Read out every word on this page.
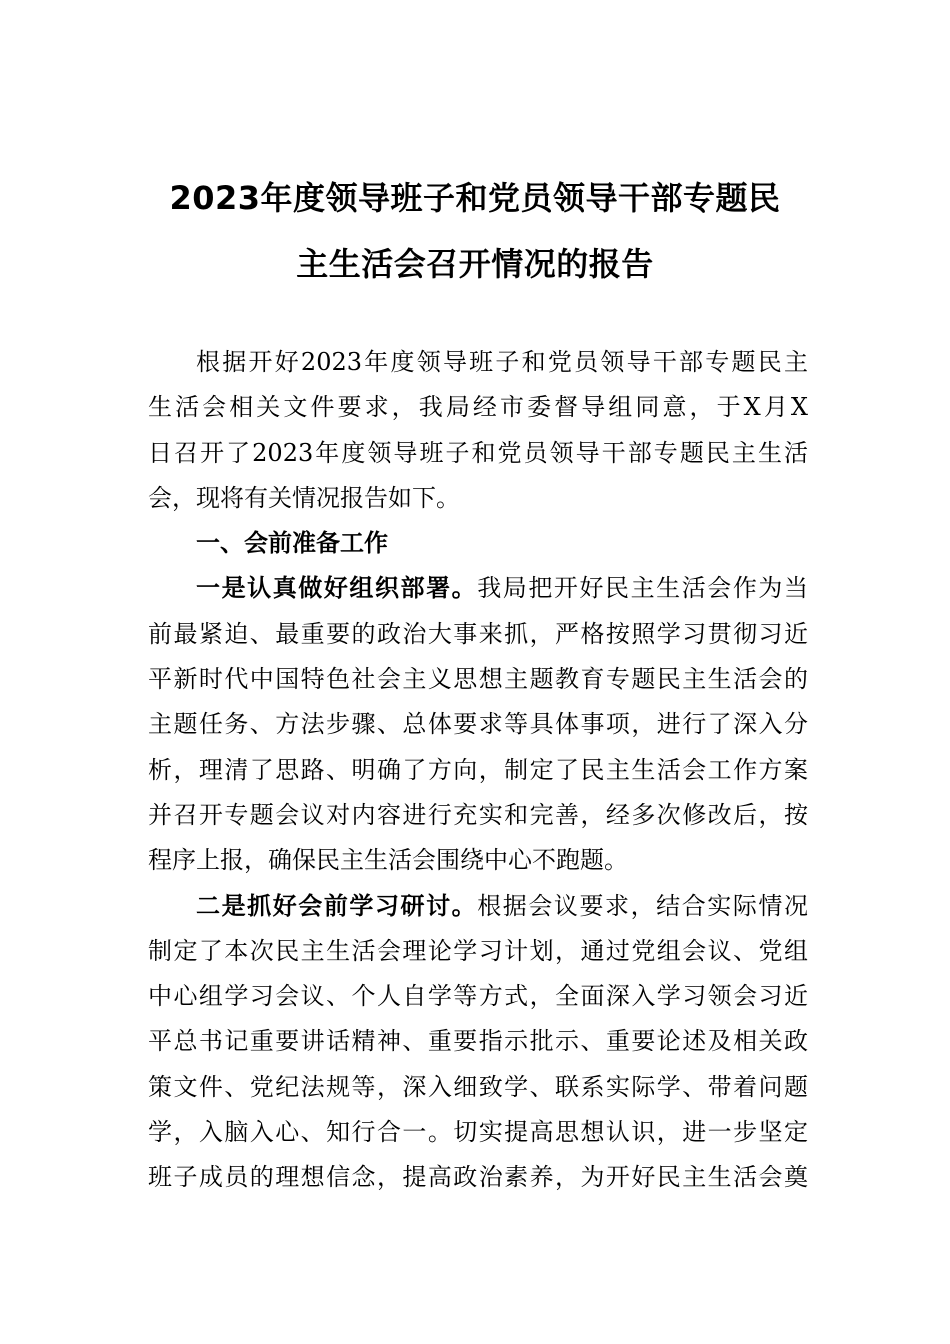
2023年度领导班子和党员领导干部专题民
主生活会召开情况的报告
根据开好2023年度领导班子和党员领导干部专题民主
生活会相关文件要求，我局经市委督导组同意，于X月X
日召开了2023年度领导班子和党员领导干部专题民主生活
会，现将有关情况报告如下。
一、会前准备工作
一是认真做好组织部署。我局把开好民主生活会作为当
前最紧迫、最重要的政治大事来抓，严格按照学习贯彻习近
平新时代中国特色社会主义思想主题教育专题民主生活会的
主题任务、方法步骤、总体要求等具体事项，进行了深入分
析，理清了思路、明确了方向，制定了民主生活会工作方案
并召开专题会议对内容进行充实和完善，经多次修改后，按
程序上报，确保民主生活会围绕中心不跑题。
二是抓好会前学习研讨。根据会议要求，结合实际情况
制定了本次民主生活会理论学习计划，通过党组会议、党组
中心组学习会议、个人自学等方式，全面深入学习领会习近
平总书记重要讲话精神、重要指示批示、重要论述及相关政
策文件、党纪法规等，深入细致学、联系实际学、带着问题
学，入脑入心、知行合一。切实提高思想认识，进一步坚定
班子成员的理想信念，提高政治素养，为开好民主生活会奠
